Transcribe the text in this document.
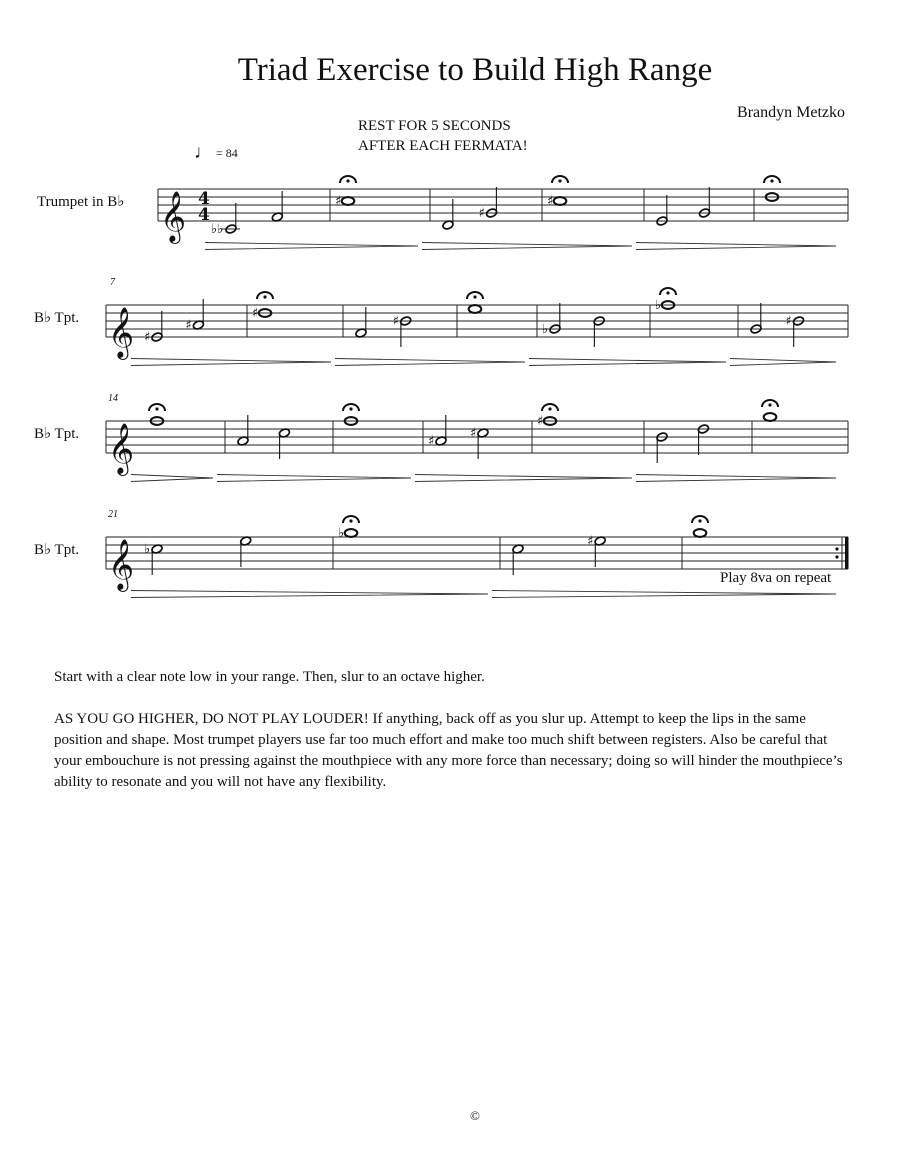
Triad Exercise to Build High Range
Brandyn Metzko
REST FOR 5 SECONDS
AFTER EACH FERMATA!
♩ = 84
Trumpet in B♭
B♭ Tpt.
B♭ Tpt.
B♭ Tpt.
7
14
21
𝄞 4
4
♭♭
♯
♯
♯
𝄞 ♯
♯
♯
♯
♭
♭
♯
𝄞	♯
♯
♯
𝄞 ♭
♭
♯
Play 8va on repeat
Start with a clear note low in your range. Then, slur to an octave higher.
AS YOU GO HIGHER, DO NOT PLAY LOUDER! If anything, back off as you slur up. Attempt to keep the lips in the same position and shape. Most trumpet players use far too much effort and make too much shift between registers. Also be careful that your embouchure is not pressing against the mouthpiece with any more force than necessary; doing so will hinder the mouthpiece’s ability to resonate and you will not have any flexibility.
©
